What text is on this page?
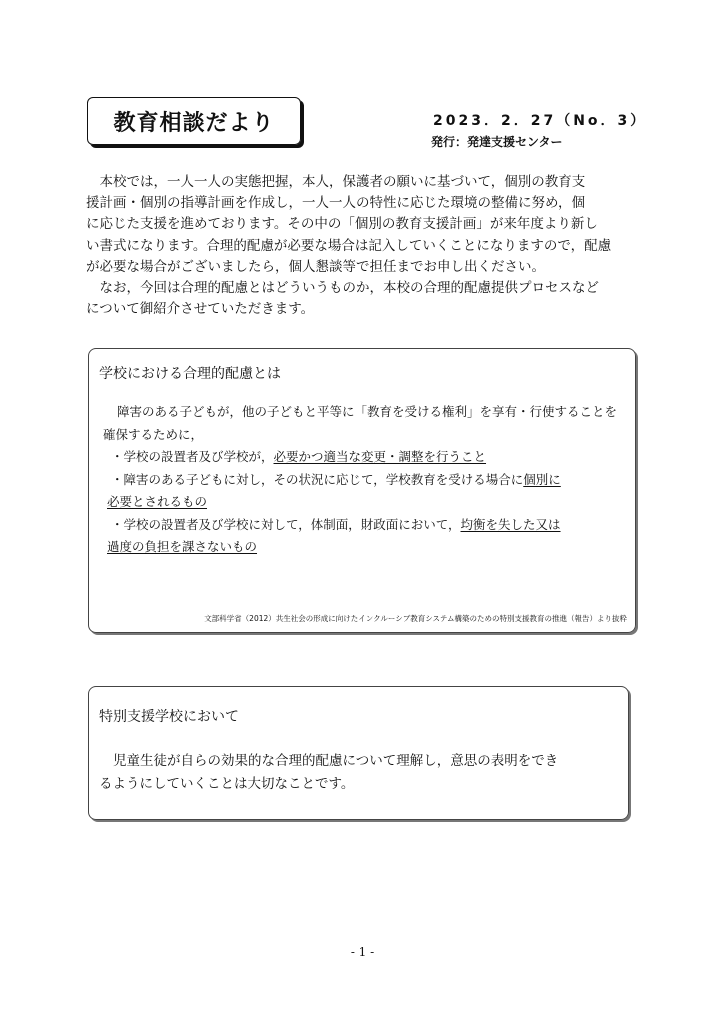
教育相談だより	2023．2．27（No．3）
発行：発達支援センター

本校では，一人一人の実態把握，本人，保護者の願いに基づいて，個別の教育支
援計画・個別の指導計画を作成し，一人一人の特性に応じた環境の整備に努め，個
に応じた支援を進めております。その中の「個別の教育支援計画」が来年度より新し
い書式になります。合理的配慮が必要な場合は記入していくことになりますので，配慮
が必要な場合がございましたら，個人懇談等で担任までお申し出ください。

なお，今回は合理的配慮とはどういうものか，本校の合理的配慮提供プロセスなど
について御紹介させていただきます。

学校における合理的配慮とは
障害のある子どもが，他の子どもと平等に「教育を受ける権利」を享有・行使することを
確保するために，
・学校の設置者及び学校が，必要かつ適当な変更・調整を行うこと
・障害のある子どもに対し，その状況に応じて，学校教育を受ける場合に個別に
必要とされるもの
・学校の設置者及び学校に対して，体制面，財政面において，均衡を失した又は
過度の負担を課さないもの
文部科学省（2012）共生社会の形成に向けたインクルーシブ教育システム構築のための特別支援教育の推進（報告）より抜粋
特別支援学校において
児童生徒が自らの効果的な合理的配慮について理解し，意思の表明をでき
るようにしていくことは大切なことです。
- 1 -
